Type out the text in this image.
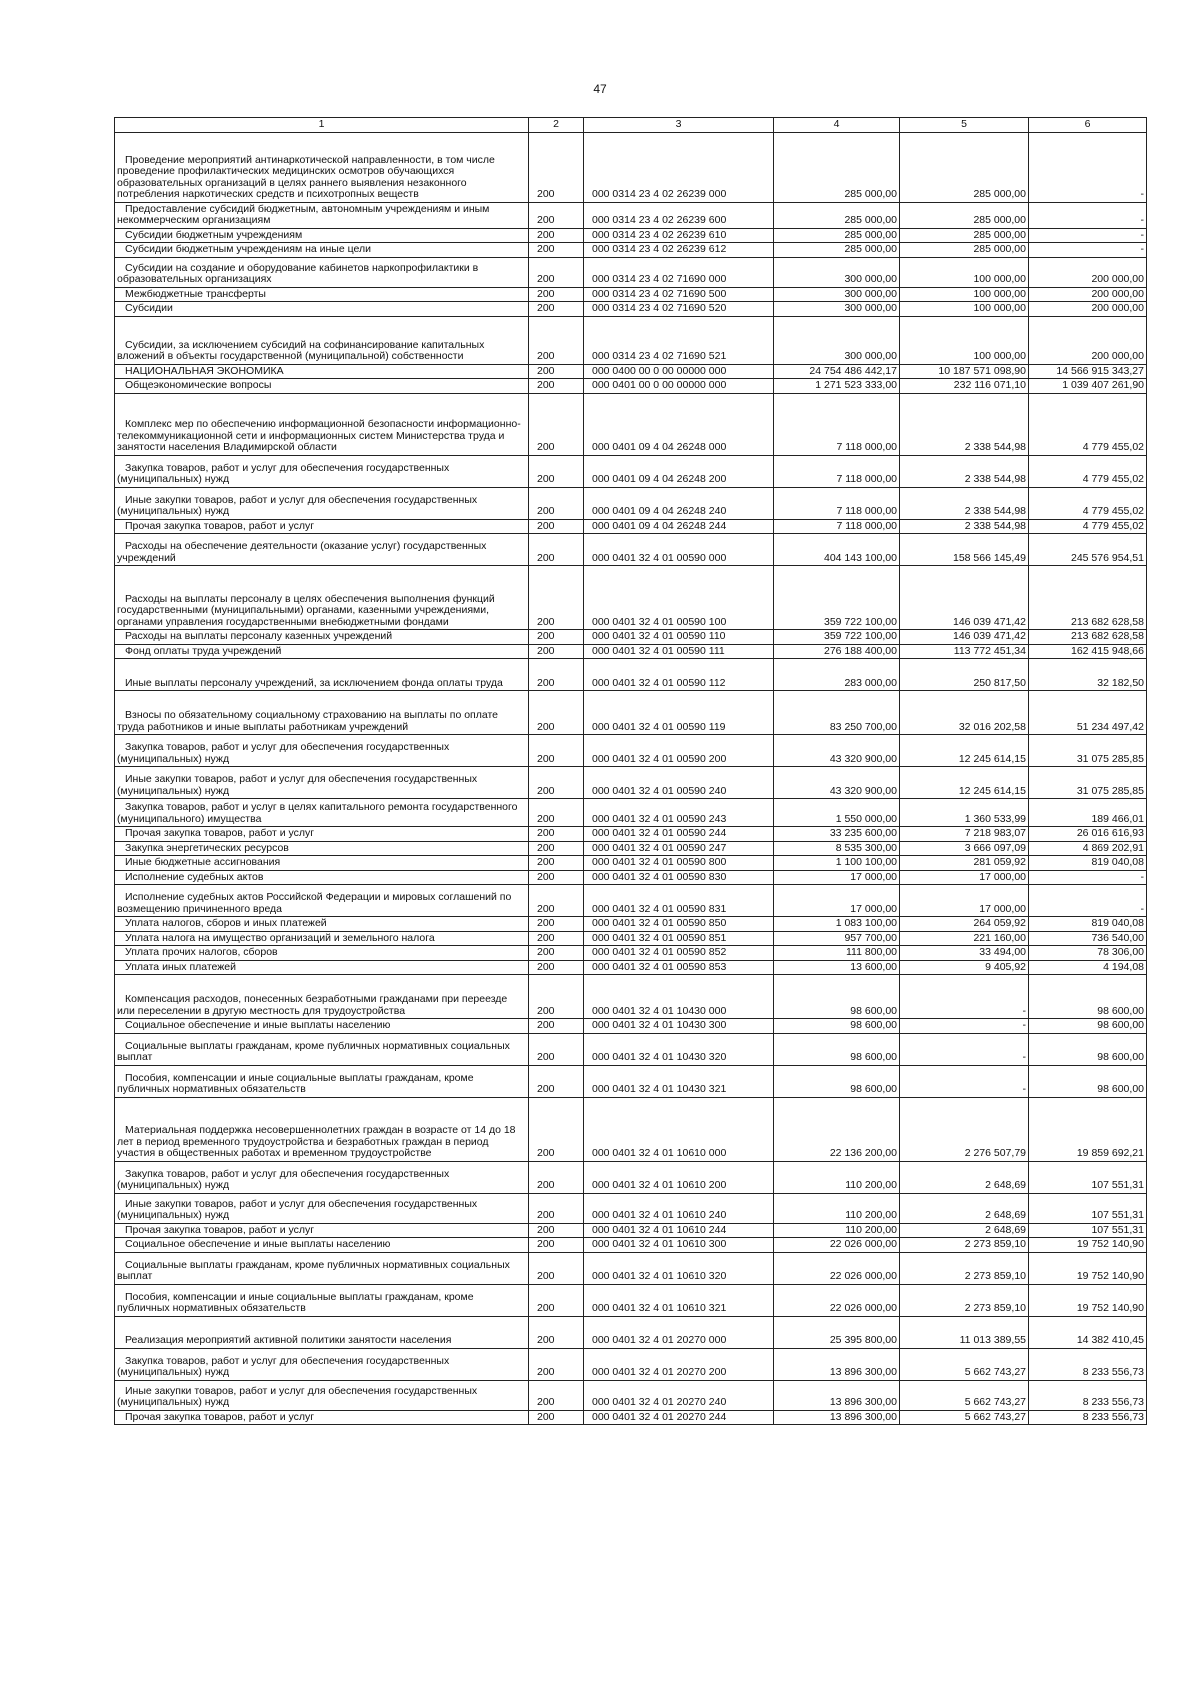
47
1	2	3	4	5	6
Проведение мероприятий антинаркотической направленности, в том числе проведение профилактических медицинских осмотров обучающихся образовательных организаций в целях раннего выявления незаконного потребления наркотических средств и психотропных веществ	200	000 0314 23 4 02 26239 000	285 000,00	285 000,00	-
Предоставление субсидий бюджетным, автономным учреждениям и иным некоммерческим организациям	200	000 0314 23 4 02 26239 600	285 000,00	285 000,00	-
Субсидии бюджетным учреждениям	200	000 0314 23 4 02 26239 610	285 000,00	285 000,00	-
Субсидии бюджетным учреждениям на иные цели	200	000 0314 23 4 02 26239 612	285 000,00	285 000,00	-
Субсидии на создание и оборудование кабинетов наркопрофилактики в образовательных организациях	200	000 0314 23 4 02 71690 000	300 000,00	100 000,00	200 000,00
Межбюджетные трансферты	200	000 0314 23 4 02 71690 500	300 000,00	100 000,00	200 000,00
Субсидии	200	000 0314 23 4 02 71690 520	300 000,00	100 000,00	200 000,00
Субсидии, за исключением субсидий на софинансирование капитальных вложений в объекты государственной (муниципальной) собственности	200	000 0314 23 4 02 71690 521	300 000,00	100 000,00	200 000,00
НАЦИОНАЛЬНАЯ ЭКОНОМИКА	200	000 0400 00 0 00 00000 000	24 754 486 442,17	10 187 571 098,90	14 566 915 343,27
Общеэкономические вопросы	200	000 0401 00 0 00 00000 000	1 271 523 333,00	232 116 071,10	1 039 407 261,90
Комплекс мер по обеспечению информационной безопасности информационно-телекоммуникационной сети и информационных систем Министерства труда и занятости населения Владимирской области	200	000 0401 09 4 04 26248 000	7 118 000,00	2 338 544,98	4 779 455,02
Закупка товаров, работ и услуг для обеспечения государственных (муниципальных) нужд	200	000 0401 09 4 04 26248 200	7 118 000,00	2 338 544,98	4 779 455,02
Иные закупки товаров, работ и услуг для обеспечения государственных (муниципальных) нужд	200	000 0401 09 4 04 26248 240	7 118 000,00	2 338 544,98	4 779 455,02
Прочая закупка товаров, работ и услуг	200	000 0401 09 4 04 26248 244	7 118 000,00	2 338 544,98	4 779 455,02
Расходы на обеспечение деятельности (оказание услуг) государственных учреждений	200	000 0401 32 4 01 00590 000	404 143 100,00	158 566 145,49	245 576 954,51
Расходы на выплаты персоналу в целях обеспечения выполнения функций государственными (муниципальными) органами, казенными учреждениями, органами управления государственными внебюджетными фондами	200	000 0401 32 4 01 00590 100	359 722 100,00	146 039 471,42	213 682 628,58
Расходы на выплаты персоналу казенных учреждений	200	000 0401 32 4 01 00590 110	359 722 100,00	146 039 471,42	213 682 628,58
Фонд оплаты труда учреждений	200	000 0401 32 4 01 00590 111	276 188 400,00	113 772 451,34	162 415 948,66
Иные выплаты персоналу учреждений, за исключением фонда оплаты труда	200	000 0401 32 4 01 00590 112	283 000,00	250 817,50	32 182,50
Взносы по обязательному социальному страхованию на выплаты по оплате труда работников и иные выплаты работникам учреждений	200	000 0401 32 4 01 00590 119	83 250 700,00	32 016 202,58	51 234 497,42
Закупка товаров, работ и услуг для обеспечения государственных (муниципальных) нужд	200	000 0401 32 4 01 00590 200	43 320 900,00	12 245 614,15	31 075 285,85
Иные закупки товаров, работ и услуг для обеспечения государственных (муниципальных) нужд	200	000 0401 32 4 01 00590 240	43 320 900,00	12 245 614,15	31 075 285,85
Закупка товаров, работ и услуг в целях капитального ремонта государственного (муниципального) имущества	200	000 0401 32 4 01 00590 243	1 550 000,00	1 360 533,99	189 466,01
Прочая закупка товаров, работ и услуг	200	000 0401 32 4 01 00590 244	33 235 600,00	7 218 983,07	26 016 616,93
Закупка энергетических ресурсов	200	000 0401 32 4 01 00590 247	8 535 300,00	3 666 097,09	4 869 202,91
Иные бюджетные ассигнования	200	000 0401 32 4 01 00590 800	1 100 100,00	281 059,92	819 040,08
Исполнение судебных актов	200	000 0401 32 4 01 00590 830	17 000,00	17 000,00	-
Исполнение судебных актов Российской Федерации и мировых соглашений по возмещению причиненного вреда	200	000 0401 32 4 01 00590 831	17 000,00	17 000,00	-
Уплата налогов, сборов и иных платежей	200	000 0401 32 4 01 00590 850	1 083 100,00	264 059,92	819 040,08
Уплата налога на имущество организаций и земельного налога	200	000 0401 32 4 01 00590 851	957 700,00	221 160,00	736 540,00
Уплата прочих налогов, сборов	200	000 0401 32 4 01 00590 852	111 800,00	33 494,00	78 306,00
Уплата иных платежей	200	000 0401 32 4 01 00590 853	13 600,00	9 405,92	4 194,08
Компенсация расходов, понесенных безработными гражданами при переезде или переселении в другую местность для трудоустройства	200	000 0401 32 4 01 10430 000	98 600,00	-	98 600,00
Социальное обеспечение и иные выплаты населению	200	000 0401 32 4 01 10430 300	98 600,00	-	98 600,00
Социальные выплаты гражданам, кроме публичных нормативных социальных выплат	200	000 0401 32 4 01 10430 320	98 600,00	-	98 600,00
Пособия, компенсации и иные социальные выплаты гражданам, кроме публичных нормативных обязательств	200	000 0401 32 4 01 10430 321	98 600,00	-	98 600,00
Материальная поддержка несовершеннолетних граждан в возрасте от 14 до 18 лет в период временного трудоустройства и безработных граждан в период участия в общественных работах и временном трудоустройстве	200	000 0401 32 4 01 10610 000	22 136 200,00	2 276 507,79	19 859 692,21
Закупка товаров, работ и услуг для обеспечения государственных (муниципальных) нужд	200	000 0401 32 4 01 10610 200	110 200,00	2 648,69	107 551,31
Иные закупки товаров, работ и услуг для обеспечения государственных (муниципальных) нужд	200	000 0401 32 4 01 10610 240	110 200,00	2 648,69	107 551,31
Прочая закупка товаров, работ и услуг	200	000 0401 32 4 01 10610 244	110 200,00	2 648,69	107 551,31
Социальное обеспечение и иные выплаты населению	200	000 0401 32 4 01 10610 300	22 026 000,00	2 273 859,10	19 752 140,90
Социальные выплаты гражданам, кроме публичных нормативных социальных выплат	200	000 0401 32 4 01 10610 320	22 026 000,00	2 273 859,10	19 752 140,90
Пособия, компенсации и иные социальные выплаты гражданам, кроме публичных нормативных обязательств	200	000 0401 32 4 01 10610 321	22 026 000,00	2 273 859,10	19 752 140,90
Реализация мероприятий активной политики занятости населения	200	000 0401 32 4 01 20270 000	25 395 800,00	11 013 389,55	14 382 410,45
Закупка товаров, работ и услуг для обеспечения государственных (муниципальных) нужд	200	000 0401 32 4 01 20270 200	13 896 300,00	5 662 743,27	8 233 556,73
Иные закупки товаров, работ и услуг для обеспечения государственных (муниципальных) нужд	200	000 0401 32 4 01 20270 240	13 896 300,00	5 662 743,27	8 233 556,73
Прочая закупка товаров, работ и услуг	200	000 0401 32 4 01 20270 244	13 896 300,00	5 662 743,27	8 233 556,73
